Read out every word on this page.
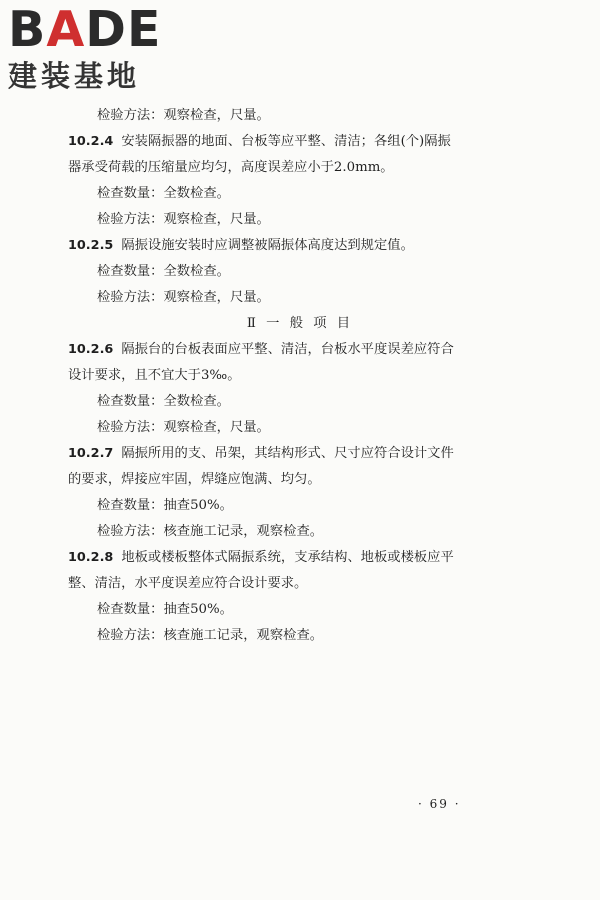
BADE
建装基地
检验方法：观察检查，尺量。
10.2.4 安装隔振器的地面、台板等应平整、清洁；各组(个)隔振
器承受荷载的压缩量应均匀，高度误差应小于2.0mm。
检查数量：全数检查。
检验方法：观察检查，尺量。
10.2.5 隔振设施安装时应调整被隔振体高度达到规定值。
检查数量：全数检查。
检验方法：观察检查，尺量。
Ⅱ 一 般 项 目
10.2.6 隔振台的台板表面应平整、清洁，台板水平度误差应符合
设计要求，且不宜大于3‰。
检查数量：全数检查。
检验方法：观察检查，尺量。
10.2.7 隔振所用的支、吊架，其结构形式、尺寸应符合设计文件
的要求，焊接应牢固，焊缝应饱满、均匀。
检查数量：抽查50%。
检验方法：核查施工记录，观察检查。
10.2.8 地板或楼板整体式隔振系统，支承结构、地板或楼板应平
整、清洁，水平度误差应符合设计要求。
检查数量：抽查50%。
检验方法：核查施工记录，观察检查。
· 69 ·
